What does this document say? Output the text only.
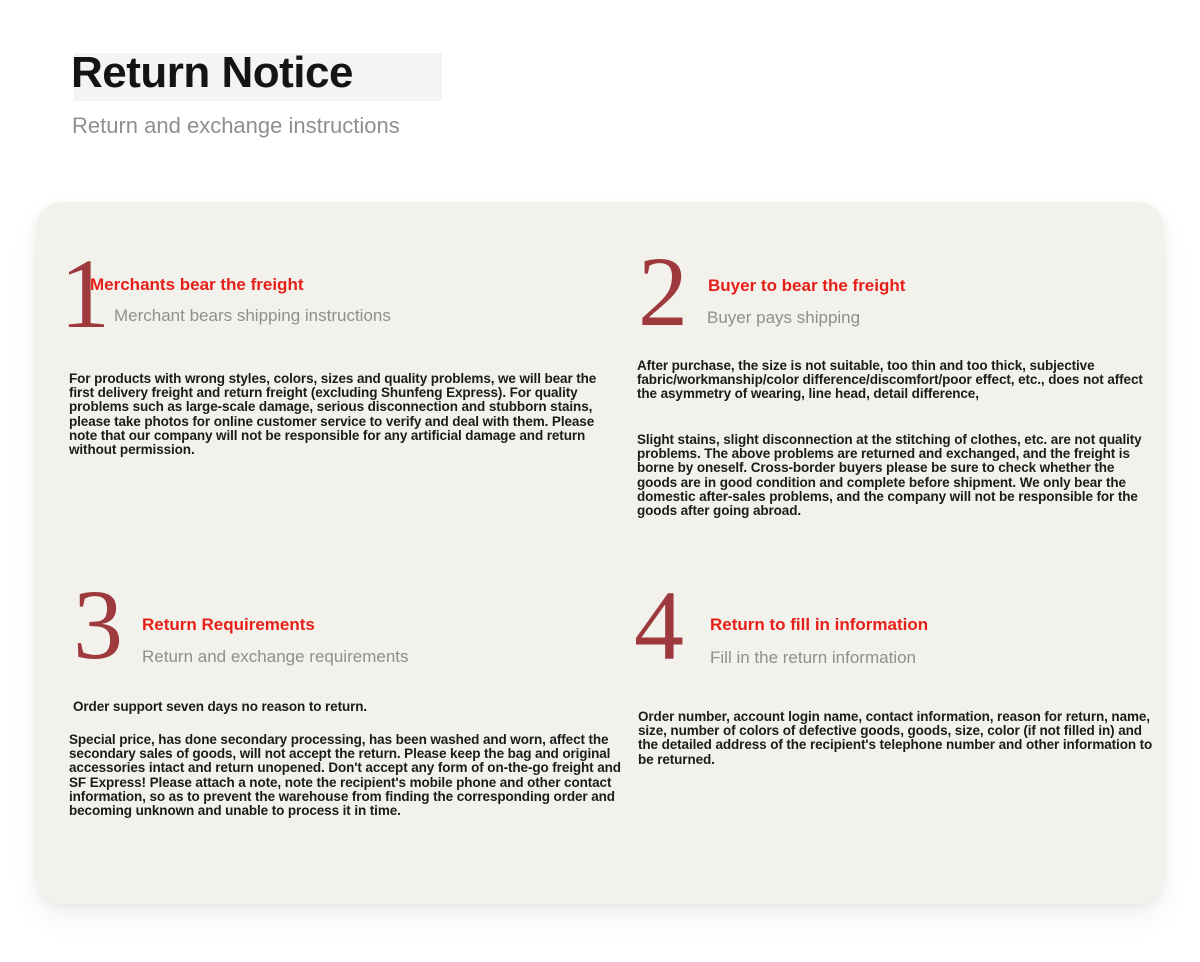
Return Notice
Return and exchange instructions
1
Merchants bear the freight
Merchant bears shipping instructions

For products with wrong styles, colors, sizes and quality problems, we will bear the first delivery freight and return freight (excluding Shunfeng Express). For quality problems such as large-scale damage, serious disconnection and stubborn stains, please take photos for online customer service to verify and deal with them. Please note that our company will not be responsible for any artificial damage and return without permission.

2 Buyer to bear the freight
Buyer pays shipping

After purchase, the size is not suitable, too thin and too thick, subjective fabric/workmanship/color difference/discomfort/poor effect, etc., does not affect the asymmetry of wearing, line head, detail difference,

Slight stains, slight disconnection at the stitching of clothes, etc. are not quality problems. The above problems are returned and exchanged, and the freight is borne by oneself. Cross-border buyers please be sure to check whether the goods are in good condition and complete before shipment. We only bear the domestic after-sales problems, and the company will not be responsible for the goods after going abroad.

3 Return Requirements
Return and exchange requirements

Order support seven days no reason to return.

Special price, has done secondary processing, has been washed and worn, affect the secondary sales of goods, will not accept the return. Please keep the bag and original accessories intact and return unopened. Don't accept any form of on-the-go freight and SF Express! Please attach a note, note the recipient's mobile phone and other contact information, so as to prevent the warehouse from finding the corresponding order and becoming unknown and unable to process it in time.

4 Return to fill in information
Fill in the return information

Order number, account login name, contact information, reason for return, name, size, number of colors of defective goods, goods, size, color (if not filled in) and the detailed address of the recipient's telephone number and other information to be returned.
